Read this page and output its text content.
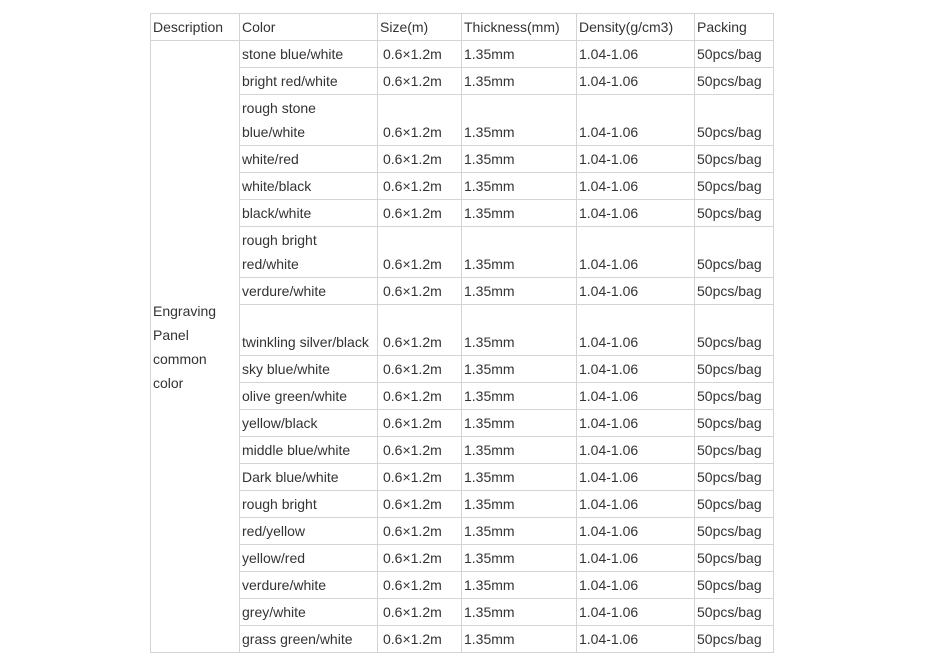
Description	Color	Size(m)	Thickness(mm)	Density(g/cm3)	Packing
Engraving Panel common color	stone blue/white	0.6×1.2m	1.35mm	1.04-1.06	50pcs/bag
	bright red/white	0.6×1.2m	1.35mm	1.04-1.06	50pcs/bag
	rough stone blue/white	0.6×1.2m	1.35mm	1.04-1.06	50pcs/bag
	white/red	0.6×1.2m	1.35mm	1.04-1.06	50pcs/bag
	white/black	0.6×1.2m	1.35mm	1.04-1.06	50pcs/bag
	black/white	0.6×1.2m	1.35mm	1.04-1.06	50pcs/bag
	rough bright red/white	0.6×1.2m	1.35mm	1.04-1.06	50pcs/bag
	verdure/white	0.6×1.2m	1.35mm	1.04-1.06	50pcs/bag
	twinkling silver/black	0.6×1.2m	1.35mm	1.04-1.06	50pcs/bag
	sky blue/white	0.6×1.2m	1.35mm	1.04-1.06	50pcs/bag
	olive green/white	0.6×1.2m	1.35mm	1.04-1.06	50pcs/bag
	yellow/black	0.6×1.2m	1.35mm	1.04-1.06	50pcs/bag
	middle blue/white	0.6×1.2m	1.35mm	1.04-1.06	50pcs/bag
	Dark blue/white	0.6×1.2m	1.35mm	1.04-1.06	50pcs/bag
	rough bright	0.6×1.2m	1.35mm	1.04-1.06	50pcs/bag
	red/yellow	0.6×1.2m	1.35mm	1.04-1.06	50pcs/bag
	yellow/red	0.6×1.2m	1.35mm	1.04-1.06	50pcs/bag
	verdure/white	0.6×1.2m	1.35mm	1.04-1.06	50pcs/bag
	grey/white	0.6×1.2m	1.35mm	1.04-1.06	50pcs/bag
	grass green/white	0.6×1.2m	1.35mm	1.04-1.06	50pcs/bag
